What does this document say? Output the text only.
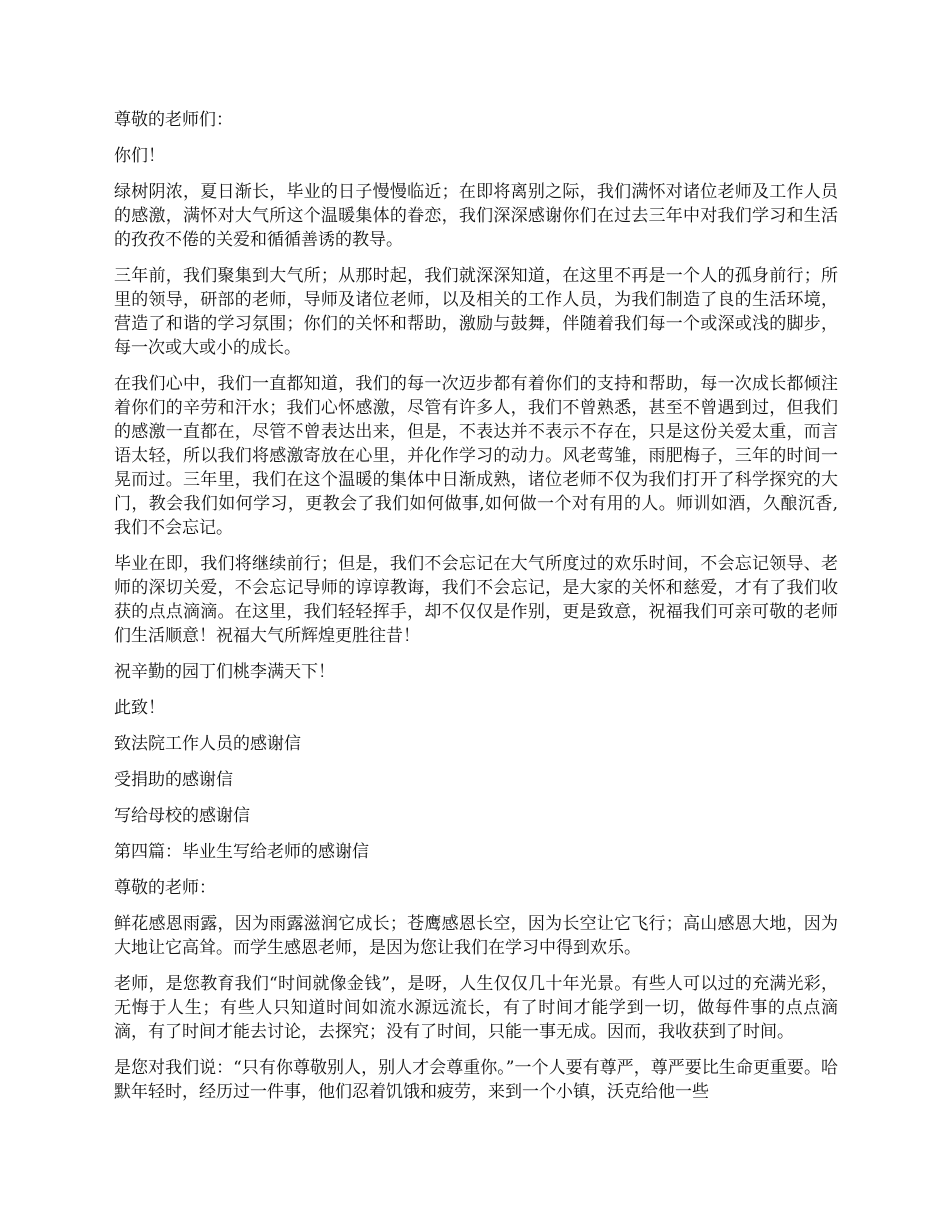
尊敬的老师们：

你们！

绿树阴浓，夏日渐长，毕业的日子慢慢临近；在即将离别之际，我们满怀对诸位老师及工作人员的感激，满怀对大气所这个温暖集体的眷恋，我们深深感谢你们在过去三年中对我们学习和生活的孜孜不倦的关爱和循循善诱的教导。

三年前，我们聚集到大气所；从那时起，我们就深深知道，在这里不再是一个人的孤身前行；所里的领导，研部的老师，导师及诸位老师，以及相关的工作人员，为我们制造了良的生活环境，营造了和谐的学习氛围；你们的关怀和帮助，激励与鼓舞，伴随着我们每一个或深或浅的脚步，每一次或大或小的成长。

在我们心中，我们一直都知道，我们的每一次迈步都有着你们的支持和帮助，每一次成长都倾注着你们的辛劳和汗水；我们心怀感激，尽管有许多人，我们不曾熟悉，甚至不曾遇到过，但我们的感激一直都在，尽管不曾表达出来，但是，不表达并不表示不存在，只是这份关爱太重，而言语太轻，所以我们将感激寄放在心里，并化作学习的动力。风老莺雏，雨肥梅子，三年的时间一晃而过。三年里，我们在这个温暖的集体中日渐成熟，诸位老师不仅为我们打开了科学探究的大门，教会我们如何学习，更教会了我们如何做事,如何做一个对有用的人。师训如酒，久酿沉香,我们不会忘记。

毕业在即，我们将继续前行；但是，我们不会忘记在大气所度过的欢乐时间，不会忘记领导、老师的深切关爱，不会忘记导师的谆谆教诲，我们不会忘记，是大家的关怀和慈爱，才有了我们收获的点点滴滴。在这里，我们轻轻挥手，却不仅仅是作别，更是致意，祝福我们可亲可敬的老师们生活顺意！祝福大气所辉煌更胜往昔！

祝辛勤的园丁们桃李满天下！

此致！

致法院工作人员的感谢信

受捐助的感谢信

写给母校的感谢信

第四篇：毕业生写给老师的感谢信

尊敬的老师：

鲜花感恩雨露，因为雨露滋润它成长；苍鹰感恩长空，因为长空让它飞行；高山感恩大地，因为大地让它高耸。而学生感恩老师，是因为您让我们在学习中得到欢乐。

老师，是您教育我们“时间就像金钱”，是呀，人生仅仅几十年光景。有些人可以过的充满光彩，无悔于人生；有些人只知道时间如流水源远流长，有了时间才能学到一切，做每件事的点点滴滴，有了时间才能去讨论，去探究；没有了时间，只能一事无成。因而，我收获到了时间。

是您对我们说：“只有你尊敬别人，别人才会尊重你。”一个人要有尊严，尊严要比生命更重要。哈默年轻时，经历过一件事，他们忍着饥饿和疲劳，来到一个小镇，沃克给他一些
